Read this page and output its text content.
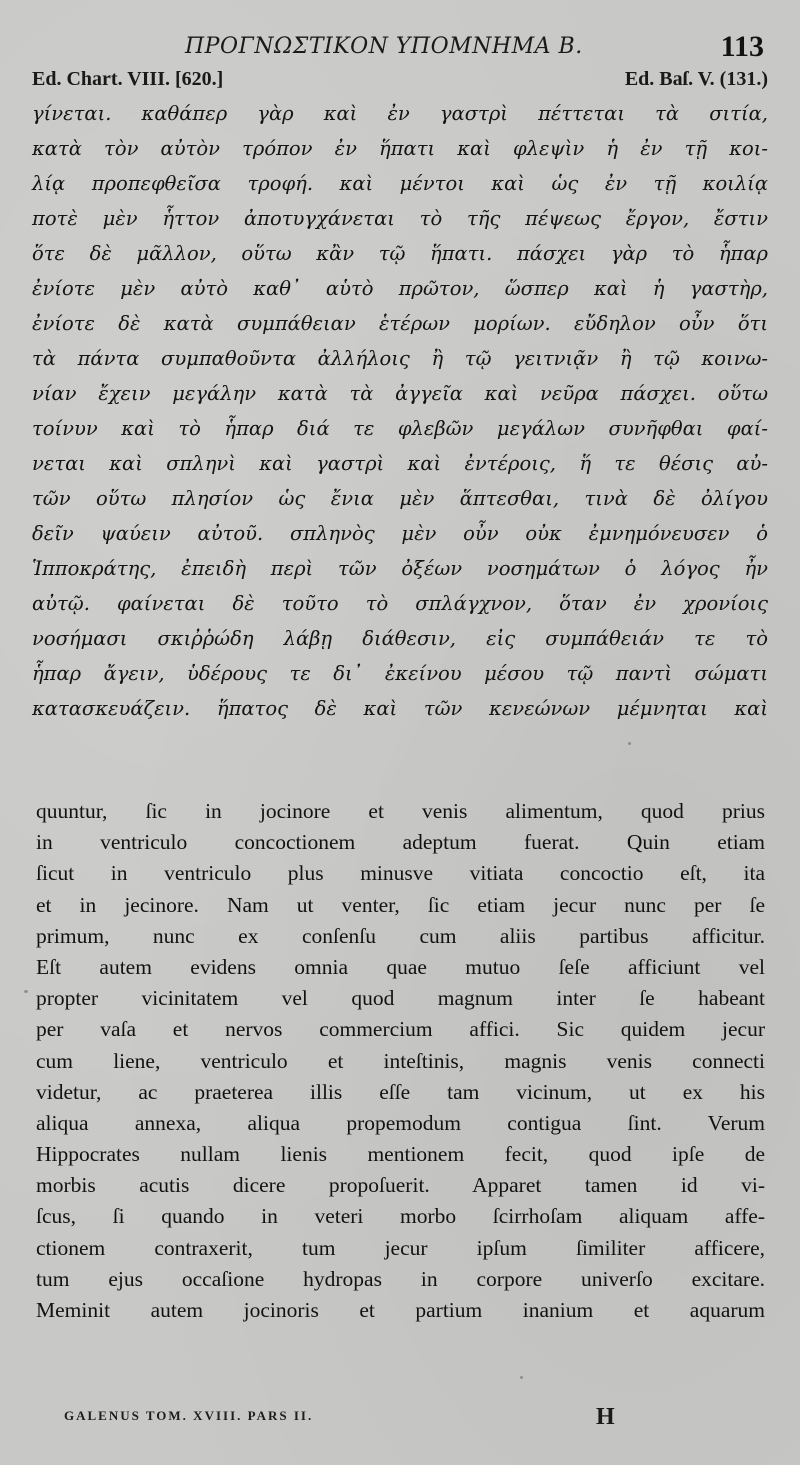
ΠΡΟΓΝΩΣΤΙΚΟΝ ΥΠΟΜΝΗΜΑ Β.	113
Ed. Chart. VIII. [620.]	Ed. Baſ. V. (131.)
γίνεται. καθάπερ γὰρ καὶ ἐν γαστρὶ πέττεται τὰ σιτία,
κατὰ τὸν αὐτὸν τρόπον ἐν ἥπατι καὶ φλεψὶν ἡ ἐν τῇ κοι-
λίᾳ προπεφθεῖσα τροφή. καὶ μέντοι καὶ ὡς ἐν τῇ κοιλίᾳ
ποτὲ μὲν ἧττον ἀποτυγχάνεται τὸ τῆς πέψεως ἔργον, ἔστιν
ὅτε δὲ μᾶλλον, οὕτω κἂν τῷ ἥπατι. πάσχει γὰρ τὸ ἧπαρ
ἐνίοτε μὲν αὐτὸ καθ᾽ αὑτὸ πρῶτον, ὥσπερ καὶ ἡ γαστὴρ,
ἐνίοτε δὲ κατὰ συμπάθειαν ἑτέρων μορίων. εὔδηλον οὖν ὅτι
τὰ πάντα συμπαθοῦντα ἀλλήλοις ἢ τῷ γειτνιᾷν ἢ τῷ κοινω-
νίαν ἔχειν μεγάλην κατὰ τὰ ἀγγεῖα καὶ νεῦρα πάσχει. οὕτω
τοίνυν καὶ τὸ ἧπαρ διά τε φλεβῶν μεγάλων συνῆφθαι φαί-
νεται καὶ σπληνὶ καὶ γαστρὶ καὶ ἐντέροις, ἥ τε θέσις αὐ-
τῶν οὕτω πλησίον ὡς ἔνια μὲν ἅπτεσθαι, τινὰ δὲ ὀλίγου
δεῖν ψαύειν αὐτοῦ. σπληνὸς μὲν οὖν οὐκ ἐμνημόνευσεν ὁ
Ἱπποκράτης, ἐπειδὴ περὶ τῶν ὀξέων νοσημάτων ὁ λόγος ἦν
αὐτῷ. φαίνεται δὲ τοῦτο τὸ σπλάγχνον, ὅταν ἐν χρονίοις
νοσήμασι σκιῤῥώδη λάβῃ διάθεσιν, εἰς συμπάθειάν τε τὸ
ἧπαρ ἄγειν, ὑδέρους τε δι᾽ ἐκείνου μέσου τῷ παντὶ σώματι
κατασκευάζειν. ἥπατος δὲ καὶ τῶν κενεώνων μέμνηται καὶ
quuntur, ſic in jocinore et venis alimentum, quod prius
in ventriculo concoctionem adeptum fuerat. Quin etiam
ſicut in ventriculo plus minusve vitiata concoctio eſt, ita
et in jecinore. Nam ut venter, ſic etiam jecur nunc per ſe
primum, nunc ex conſenſu cum aliis partibus afficitur.
Eſt autem evidens omnia quae mutuo ſeſe afficiunt vel
propter vicinitatem vel quod magnum inter ſe habeant
per vaſa et nervos commercium affici. Sic quidem jecur
cum liene, ventriculo et inteſtinis, magnis venis connecti
videtur, ac praeterea illis eſſe tam vicinum, ut ex his
aliqua annexa, aliqua propemodum contigua ſint. Verum
Hippocrates nullam lienis mentionem fecit, quod ipſe de
morbis acutis dicere propoſuerit. Apparet tamen id vi-
ſcus, ſi quando in veteri morbo ſcirrhoſam aliquam affe-
ctionem contraxerit, tum jecur ipſum ſimiliter afficere,
tum ejus occaſione hydropas in corpore univerſo excitare.
Meminit autem jocinoris et partium inanium et aquarum
GALENUS TOM. XVIII. PARS II.	H
